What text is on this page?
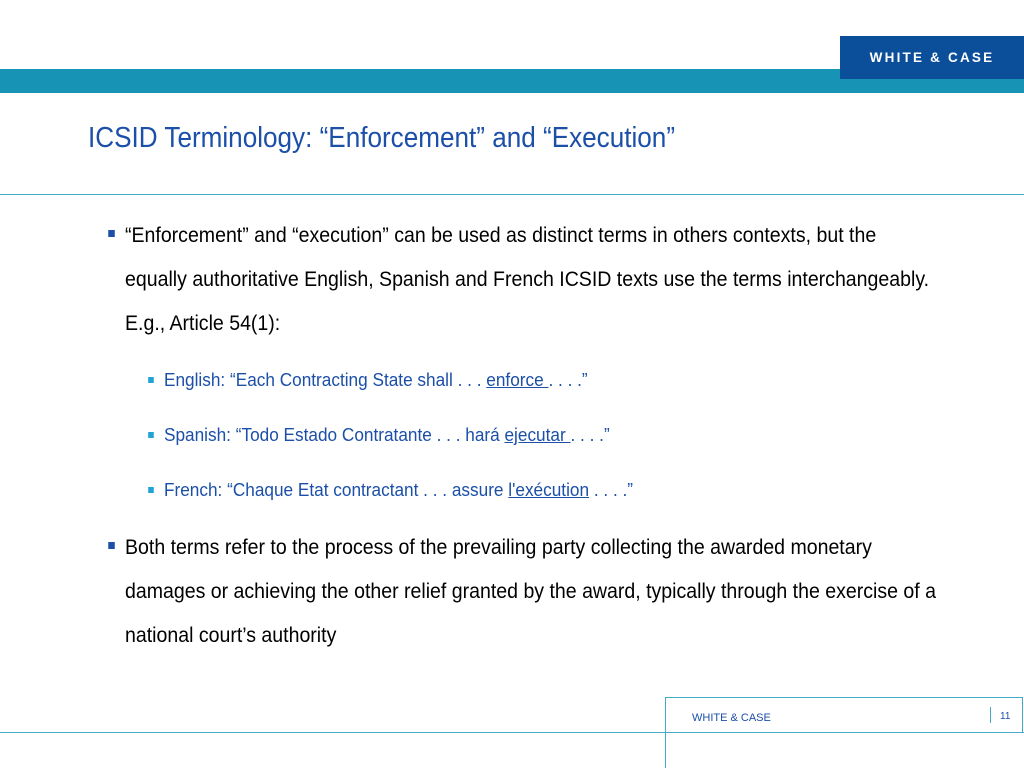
WHITE & CASE
ICSID Terminology: “Enforcement” and “Execution”
“Enforcement” and “execution” can be used as distinct terms in others contexts, but the equally authoritative English, Spanish and French ICSID texts use the terms interchangeably. E.g., Article 54(1):
English: “Each Contracting State shall . . . enforce . . . .”
Spanish: “Todo Estado Contratante . . . hará ejecutar . . . .”
French: “Chaque Etat contractant . . . assure l'exécution . . . .”
Both terms refer to the process of the prevailing party collecting the awarded monetary damages or achieving the other relief granted by the award, typically through the exercise of a national court’s authority
WHITE & CASE	11
